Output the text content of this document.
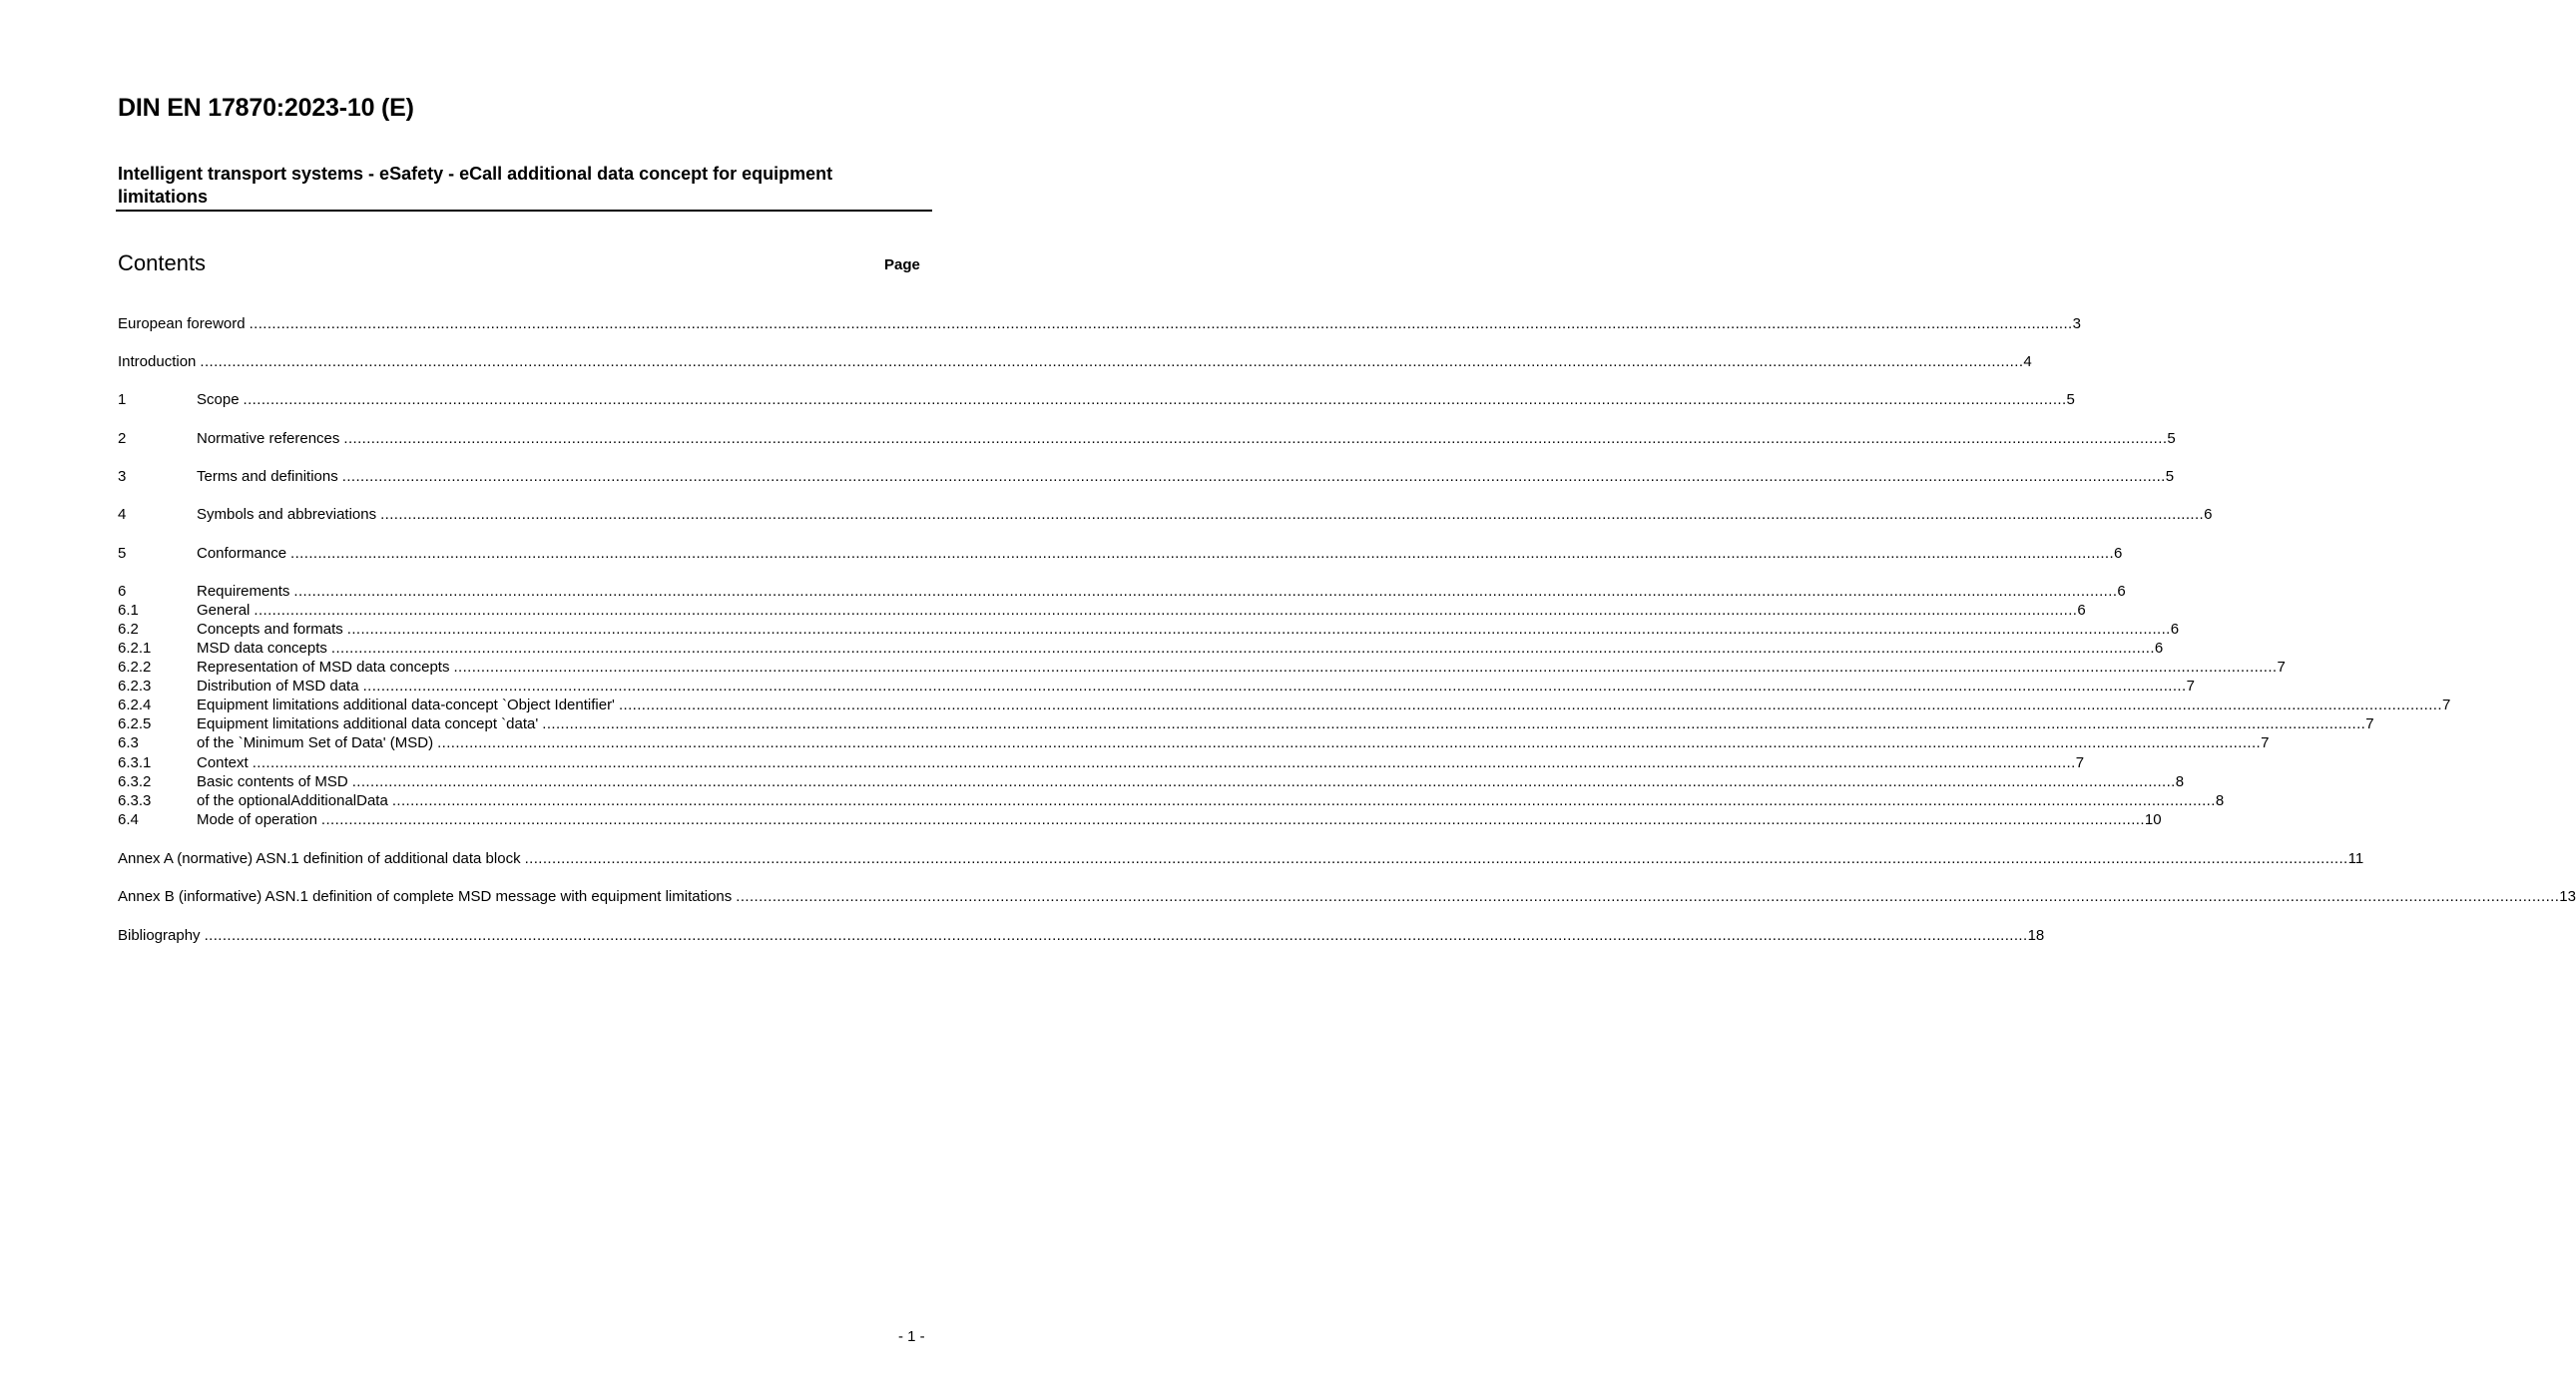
DIN EN 17870:2023-10 (E)
Intelligent transport systems - eSafety - eCall additional data concept for equipment limitations
Contents	Page
European foreword ................................................................................................................................................................................................................................................................................................................................................................................................................ 3
Introduction ................................................................................................................................................................................................................................................................................................................................................................................................................ 4
1	Scope ................................................................................................................................................................................................................................................................................................................................................................................................................ 5
2	Normative references ................................................................................................................................................................................................................................................................................................................................................................................................................ 5
3	Terms and definitions ................................................................................................................................................................................................................................................................................................................................................................................................................ 5
4	Symbols and abbreviations ................................................................................................................................................................................................................................................................................................................................................................................................................ 6
5	Conformance ................................................................................................................................................................................................................................................................................................................................................................................................................ 6
6	Requirements ................................................................................................................................................................................................................................................................................................................................................................................................................ 6
6.1	General ................................................................................................................................................................................................................................................................................................................................................................................................................ 6
6.2	Concepts and formats ................................................................................................................................................................................................................................................................................................................................................................................................................ 6
6.2.1	MSD data concepts ................................................................................................................................................................................................................................................................................................................................................................................................................ 6
6.2.2	Representation of MSD data concepts ................................................................................................................................................................................................................................................................................................................................................................................................................ 7
6.2.3	Distribution of MSD data ................................................................................................................................................................................................................................................................................................................................................................................................................ 7
6.2.4	Equipment limitations additional data-concept `Object Identifier' ................................................................................................................................................................................................................................................................................................................................................................................................................ 7
6.2.5	Equipment limitations additional data concept `data' ................................................................................................................................................................................................................................................................................................................................................................................................................ 7
6.3	of the `Minimum Set of Data' (MSD) ................................................................................................................................................................................................................................................................................................................................................................................................................ 7
6.3.1	Context ................................................................................................................................................................................................................................................................................................................................................................................................................ 7
6.3.2	Basic contents of MSD ................................................................................................................................................................................................................................................................................................................................................................................................................ 8
6.3.3	of the optionalAdditionalData ................................................................................................................................................................................................................................................................................................................................................................................................................ 8
6.4	Mode of operation ................................................................................................................................................................................................................................................................................................................................................................................................................ 10
Annex A (normative) ASN.1 definition of additional data block ................................................................................................................................................................................................................................................................................................................................................................................................................ 11
Annex B (informative) ASN.1 definition of complete MSD message with equipment limitations ................................................................................................................................................................................................................................................................................................................................................................................................................ 13
Bibliography ................................................................................................................................................................................................................................................................................................................................................................................................................ 18
- 1 -
